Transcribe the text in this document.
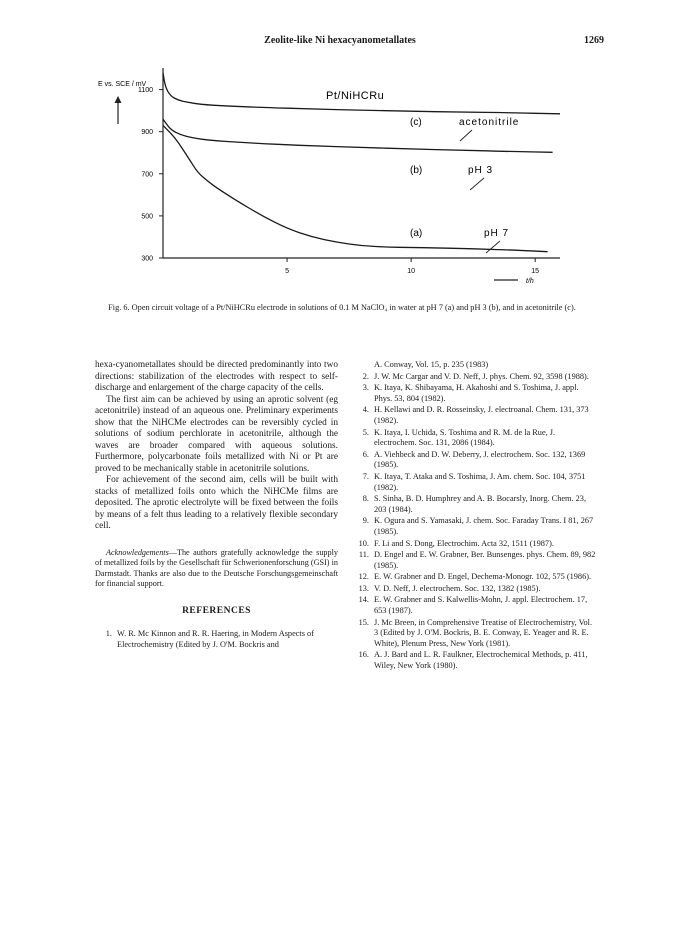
Zeolite-like Ni hexacyanometallates	1269
E vs. SCE / mV
t/h
Pt/NiHCRu
300
500
700
900
1100
5	10	15
(c)	acetonitrile
(b)	pH 3
(a)	pH 7
Fig. 6. Open circuit voltage of a Pt/NiHCRu electrode in solutions of 0.1 M NaClO₄ in water at pH 7 (a) and pH 3 (b), and in acetonitrile (c).

hexa-cyanometallates should be directed predominantly into two directions: stabilization of the electrodes with respect to self-discharge and enlargement of the charge capacity of the cells.

The first aim can be achieved by using an aprotic solvent (eg acetonitrile) instead of an aqueous one. Preliminary experiments show that the NiHCMe electrodes can be reversibly cycled in solutions of sodium perchlorate in acetonitrile, although the waves are broader compared with aqueous solutions. Furthermore, polycarbonate foils metallized with Ni or Pt are proved to be mechanically stable in acetonitrile solutions.

For achievement of the second aim, cells will be built with stacks of metallized foils onto which the NiHCMe films are deposited. The aprotic electrolyte will be fixed between the foils by means of a felt thus leading to a relatively flexible secondary cell.

Acknowledgements—The authors gratefully acknowledge the supply of metallized foils by the Gesellschaft für Schwerionenforschung (GSI) in Darmstadt. Thanks are also due to the Deutsche Forschungsgemeinschaft for financial support.

REFERENCES
1. W. R. Mc Kinnon and R. R. Haering, in Modern Aspects of Electrochemistry (Edited by J. O'M. Bockris and
A. Conway, Vol. 15, p. 235 (1983)
2. J. W. Mc Cargar and V. D. Neff, J. phys. Chem. 92, 3598 (1988).
3. K. Itaya, K. Shibayama, H. Akahoshi and S. Toshima, J. appl. Phys. 53, 804 (1982).
4. H. Kellawi and D. R. Rosseinsky, J. electroanal. Chem. 131, 373 (1982).
5. K. Itaya, I. Uchida, S. Toshima and R. M. de la Rue, J. electrochem. Soc. 131, 2086 (1984).
6. A. Viehbeck and D. W. Deberry, J. electrochem. Soc. 132, 1369 (1985).
7. K. Itaya, T. Ataka and S. Toshima, J. Am. chem. Soc. 104, 3751 (1982).
8. S. Sinha, B. D. Humphrey and A. B. Bocarsly, Inorg. Chem. 23, 203 (1984).
9. K. Ogura and S. Yamasaki, J. chem. Soc. Faraday Trans. I 81, 267 (1985).
10. F. Li and S. Dong, Electrochim. Acta 32, 1511 (1987).
11. D. Engel and E. W. Grabner, Ber. Bunsenges. phys. Chem. 89, 982 (1985).
12. E. W. Grabner and D. Engel, Dechema-Monogr. 102, 575 (1986).
13. V. D. Neff, J. electrochem. Soc. 132, 1382 (1985).
14. E. W. Grabner and S. Kalwellis-Mohn, J. appl. Electrochem. 17, 653 (1987).
15. J. Mc Breen, in Comprehensive Treatise of Electrochemistry, Vol. 3 (Edited by J. O'M. Bockris, B. E. Conway, E. Yeager and R. E. White), Plenum Press, New York (1981).
16. A. J. Bard and L. R. Faulkner, Electrochemical Methods, p. 411, Wiley, New York (1980).
